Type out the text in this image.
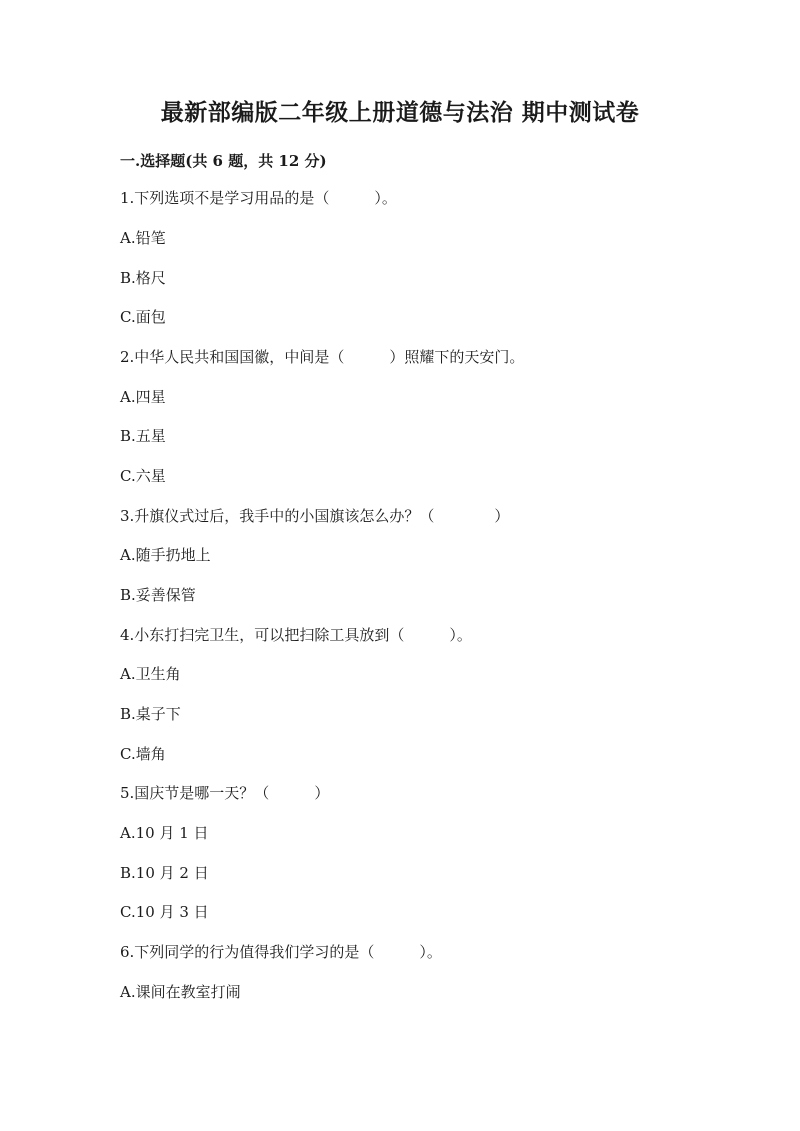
最新部编版二年级上册道德与法治 期中测试卷
一.选择题(共 6 题，共 12 分)
1.下列选项不是学习用品的是（　　　）。
A.铅笔
B.格尺
C.面包
2.中华人民共和国国徽，中间是（　　　）照耀下的天安门。
A.四星
B.五星
C.六星
3.升旗仪式过后，我手中的小国旗该怎么办？（　　　　）
A.随手扔地上
B.妥善保管
4.小东打扫完卫生，可以把扫除工具放到（　　　）。
A.卫生角
B.桌子下
C.墙角
5.国庆节是哪一天？（　　　）
A.10 月 1 日
B.10 月 2 日
C.10 月 3 日
6.下列同学的行为值得我们学习的是（　　　）。
A.课间在教室打闹
